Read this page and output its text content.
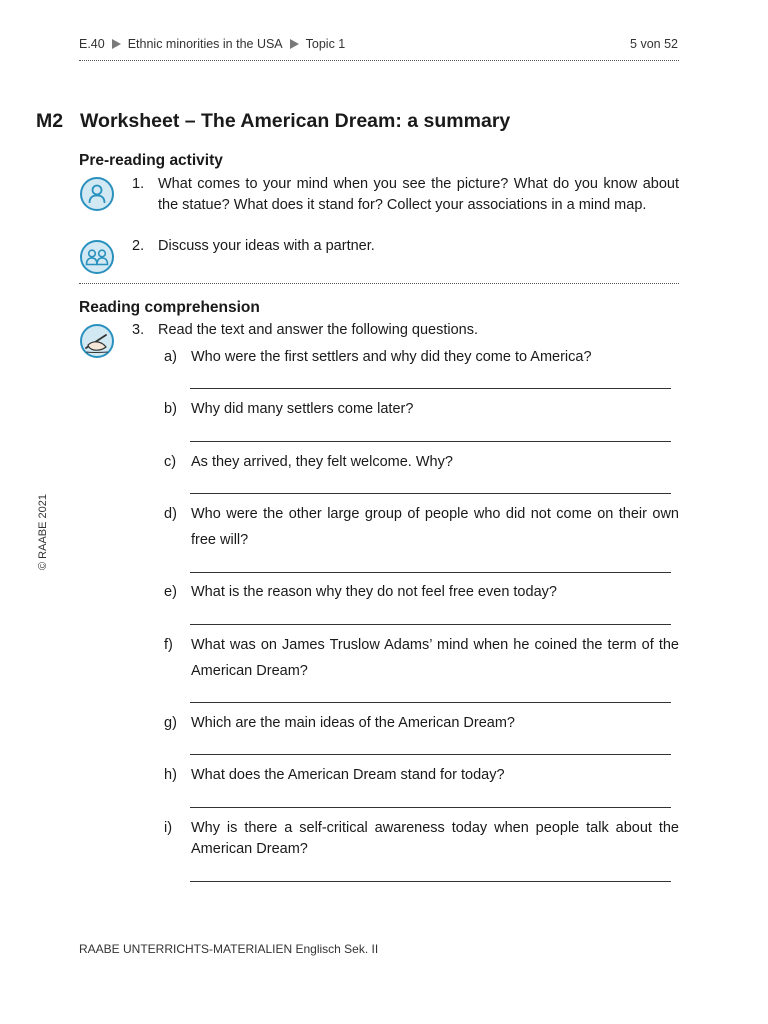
E.40 Ethnic minorities in the USA Topic 1	5 von 52
M2 Worksheet – The American Dream: a summary
Pre-reading activity
1. What comes to your mind when you see the picture? What do you know about the statue? What does it stand for? Collect your associations in a mind map.
2. Discuss your ideas with a partner.
Reading comprehension
3. Read the text and answer the following questions.
a) Who were the first settlers and why did they come to America?
b) Why did many settlers come later?
c) As they arrived, they felt welcome. Why?
d) Who were the other large group of people who did not come on their own free will?
e) What is the reason why they do not feel free even today?
f) What was on James Truslow Adams’ mind when he coined the term of the American Dream?
g) Which are the main ideas of the American Dream?
h) What does the American Dream stand for today?
i) Why is there a self-critical awareness today when people talk about the American Dream?
© RAABE 2021
RAABE UNTERRICHTS-MATERIALIEN Englisch Sek. II
